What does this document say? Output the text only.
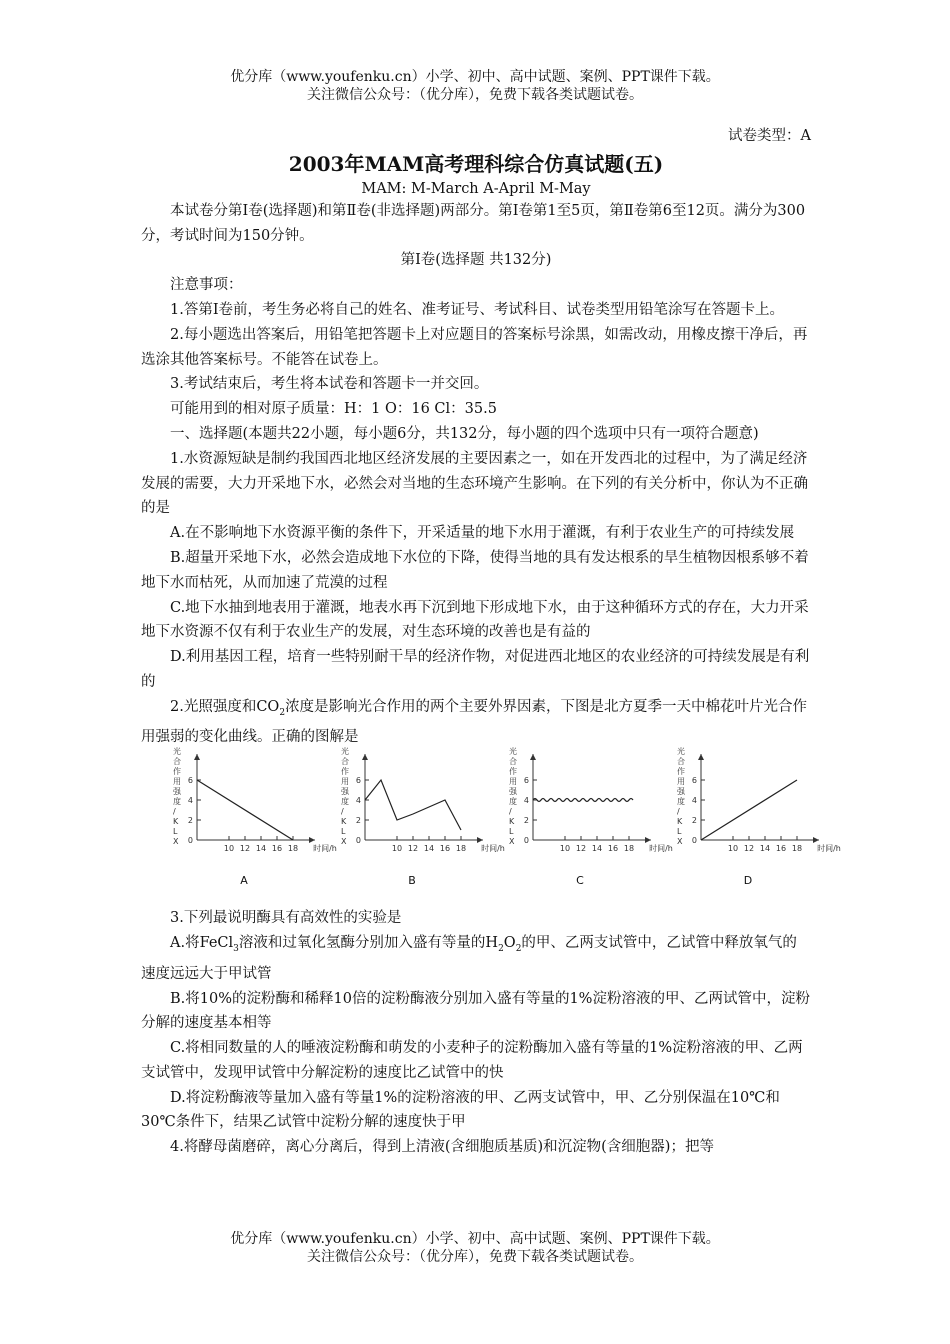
优分库（www.youfenku.cn）小学、初中、高中试题、案例、PPT课件下载。
关注微信公众号：（优分库），免费下载各类试题试卷。

试卷类型：A

2003年MAM高考理科综合仿真试题(五)

MAM: M-March A-April M-May

本试卷分第Ⅰ卷(选择题)和第Ⅱ卷(非选择题)两部分。第Ⅰ卷第1至5页，第Ⅱ卷第6至12页。满分为300分，考试时间为150分钟。

第Ⅰ卷(选择题 共132分)

注意事项：

1.答第Ⅰ卷前，考生务必将自己的姓名、准考证号、考试科目、试卷类型用铅笔涂写在答题卡上。

2.每小题选出答案后，用铅笔把答题卡上对应题目的答案标号涂黑，如需改动，用橡皮擦干净后，再选涂其他答案标号。不能答在试卷上。

3.考试结束后，考生将本试卷和答题卡一并交回。

可能用到的相对原子质量：H：1 O：16 Cl：35.5

一、选择题(本题共22小题，每小题6分，共132分，每小题的四个选项中只有一项符合题意)

1.水资源短缺是制约我国西北地区经济发展的主要因素之一，如在开发西北的过程中，为了满足经济发展的需要，大力开采地下水，必然会对当地的生态环境产生影响。在下列的有关分析中，你认为不正确的是

A.在不影响地下水资源平衡的条件下，开采适量的地下水用于灌溉，有利于农业生产的可持续发展

B.超量开采地下水，必然会造成地下水位的下降，使得当地的具有发达根系的旱生植物因根系够不着地下水而枯死，从而加速了荒漠的过程

C.地下水抽到地表用于灌溉，地表水再下沉到地下形成地下水，由于这种循环方式的存在，大力开采地下水资源不仅有利于农业生产的发展，对生态环境的改善也是有益的

D.利用基因工程，培育一些特别耐干旱的经济作物，对促进西北地区的农业经济的可持续发展是有利的

2.光照强度和$CO_2$浓度是影响光合作用的两个主要外界因素，下图是北方夏季一天中棉花叶片光合作用强弱的变化曲线。正确的图解是

0
2
4
6
10 12 14 16 18 时间/h
光合作用强度/ K L X
A
0
2
4
6
10 12 14 16 18 时间/h
光合作用强度/ K L X
B
0
2
4
6
10 12 14 16 18 时间/h
光合作用强度/ K L X
C
0
2
4
6
10 12 14 16 18 时间/h
光合作用强度/ K L X
D

3.下列最说明酶具有高效性的实验是

A.将FeCl$_3$溶液和过氧化氢酶分别加入盛有等量的$H_2O_2$的甲、乙两支试管中，乙试管中释放氧气的速度远远大于甲试管

B.将10%的淀粉酶和稀释10倍的淀粉酶液分别加入盛有等量的1%淀粉溶液的甲、乙两试管中，淀粉分解的速度基本相等

C.将相同数量的人的唾液淀粉酶和萌发的小麦种子的淀粉酶加入盛有等量的1%淀粉溶液的甲、乙两支试管中，发现甲试管中分解淀粉的速度比乙试管中的快

D.将淀粉酶液等量加入盛有等量1%的淀粉溶液的甲、乙两支试管中，甲、乙分别保温在10℃和30℃条件下，结果乙试管中淀粉分解的速度快于甲

4.将酵母菌磨碎，离心分离后，得到上清液(含细胞质基质)和沉淀物(含细胞器)；把等

优分库（www.youfenku.cn）小学、初中、高中试题、案例、PPT课件下载。
关注微信公众号：（优分库），免费下载各类试题试卷。
